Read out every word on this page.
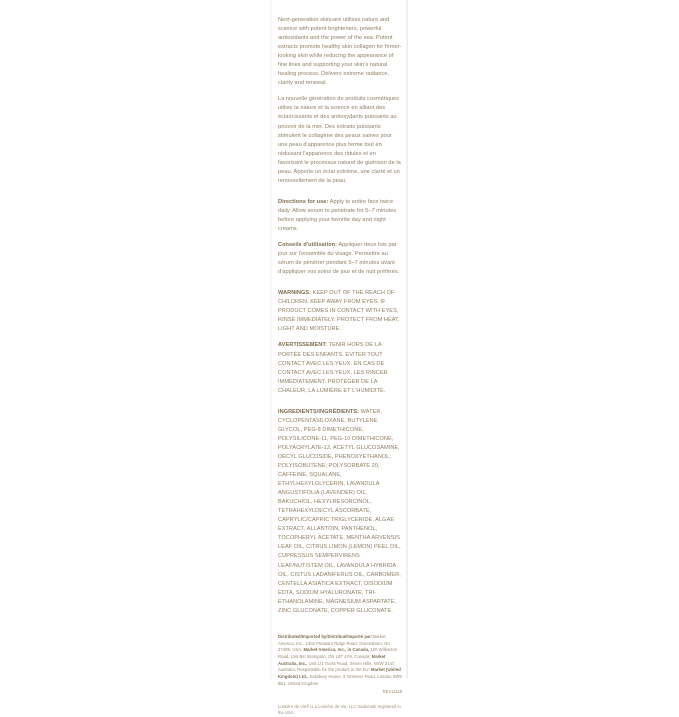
Next-generation skincare utilizes nature and science with potent brighteners, powerful antioxidants and the power of the sea. Potent extracts promote healthy skin collagen for firmer-looking skin while reducing the appearance of fine lines and supporting your skin's natural healing process. Delivers extreme radiance, clarity and renewal.

La nouvelle génération de produits cosmétiques utilise la nature et la science en alliant des éclaircissants et des antioxydants puissants au pouvoir de la mer. Des extraits puissants stimulent le collagène des peaux saines pour une peau d'apparence plus ferme tout en réduisant l'apparence des ridules et en favorisant le processus naturel de guérison de la peau. Apporte un éclat extrême, une clarté et un renouvellement de la peau.

Directions for use: Apply to entire face twice daily. Allow serum to penetrate for 5–7 minutes before applying your favorite day and night creams.

Conseils d'utilisation: Appliquer deux fois par jour sur l'ensemble du visage. Permettre au sérum de pénétrer pendant 5–7 minutes avant d'appliquer vos soins de jour et de nuit préférés.

WARNINGS: KEEP OUT OF THE REACH OF CHILDREN. KEEP AWAY FROM EYES. IF PRODUCT COMES IN CONTACT WITH EYES, RINSE IMMEDIATELY. PROTECT FROM HEAT, LIGHT AND MOISTURE.

AVERTISSEMENT: TENIR HORS DE LA PORTÉE DES ENFANTS. EVITER TOUT CONTACT AVEC LES YEUX. EN CAS DE CONTACT AVEC LES YEUX, LES RINCER IMMÉDIATEMENT. PROTÉGER DE LA CHALEUR, LA LUMIÈRE ET L'HUMIDITÉ.

INGREDIENTS/INGRÉDIENTS: WATER, CYCLOPENTASILOXANE, BUTYLENE GLYCOL, PEG-8 DIMETHICONE, POLYSILICONE-11, PEG-10 DIMETHICONE, POLYACRYLATE-13, ACETYL GLUCOSAMINE, DECYL GLUCOSIDE, PHENOXYETHANOL, POLYISOBUTENE, POLYSORBATE 20, CAFFEINE, SQUALANE, ETHYLHEXYLGLYCERIN, LAVANDULA ANGUSTIFOLIA (LAVENDER) OIL, BAKUCHIOL, HEXYLRESORCINOL, TETRAHEXYLDECYL ASCORBATE, CAPRYLIC/CAPRIC TRIGLYCERIDE, ALGAE EXTRACT, ALLANTOIN, PANTHENOL, TOCOPHERYL ACETATE, MENTHA ARVENSIS LEAF OIL, CITRUS LIMON (LEMON) PEEL OIL, CUPRESSUS SEMPERVIRENS LEAF/NUT/STEM OIL, LAVANDULA HYBRIDA OIL, CISTUS LADANIFERUS OIL, CARBOMER, CENTELLA ASIATICA EXTRACT, DISODIUM EDTA, SODIUM HYALURONATE, TRI-ETHANOLAMINE, MAGNESIUM ASPARTATE, ZINC GLUCONATE, COPPER GLUCONATE.

Distributed/Imported by/Distribué/Importé par:Market America, Inc., 1302 Pleasant Ridge Road, Greensboro, NC 27409, USA; Market America, Inc., in Canada, 100 Wilkinson Road, Unit B8, Brampton, ON L6T 4Y9, Canada; Market Australia, Inc., Unit 1/1 Tucks Road, Seven Hills, NSW 2147, Australia; Responsible for the product in the EU: Market (United Kingdom) Ltd., Salisbury House, 5 Orsemer Road, London SW9 6EJ, United Kingdom

REV11118

Lumière de Vie® is a Lumière de Vie, LLC trademark registered in the USA.
